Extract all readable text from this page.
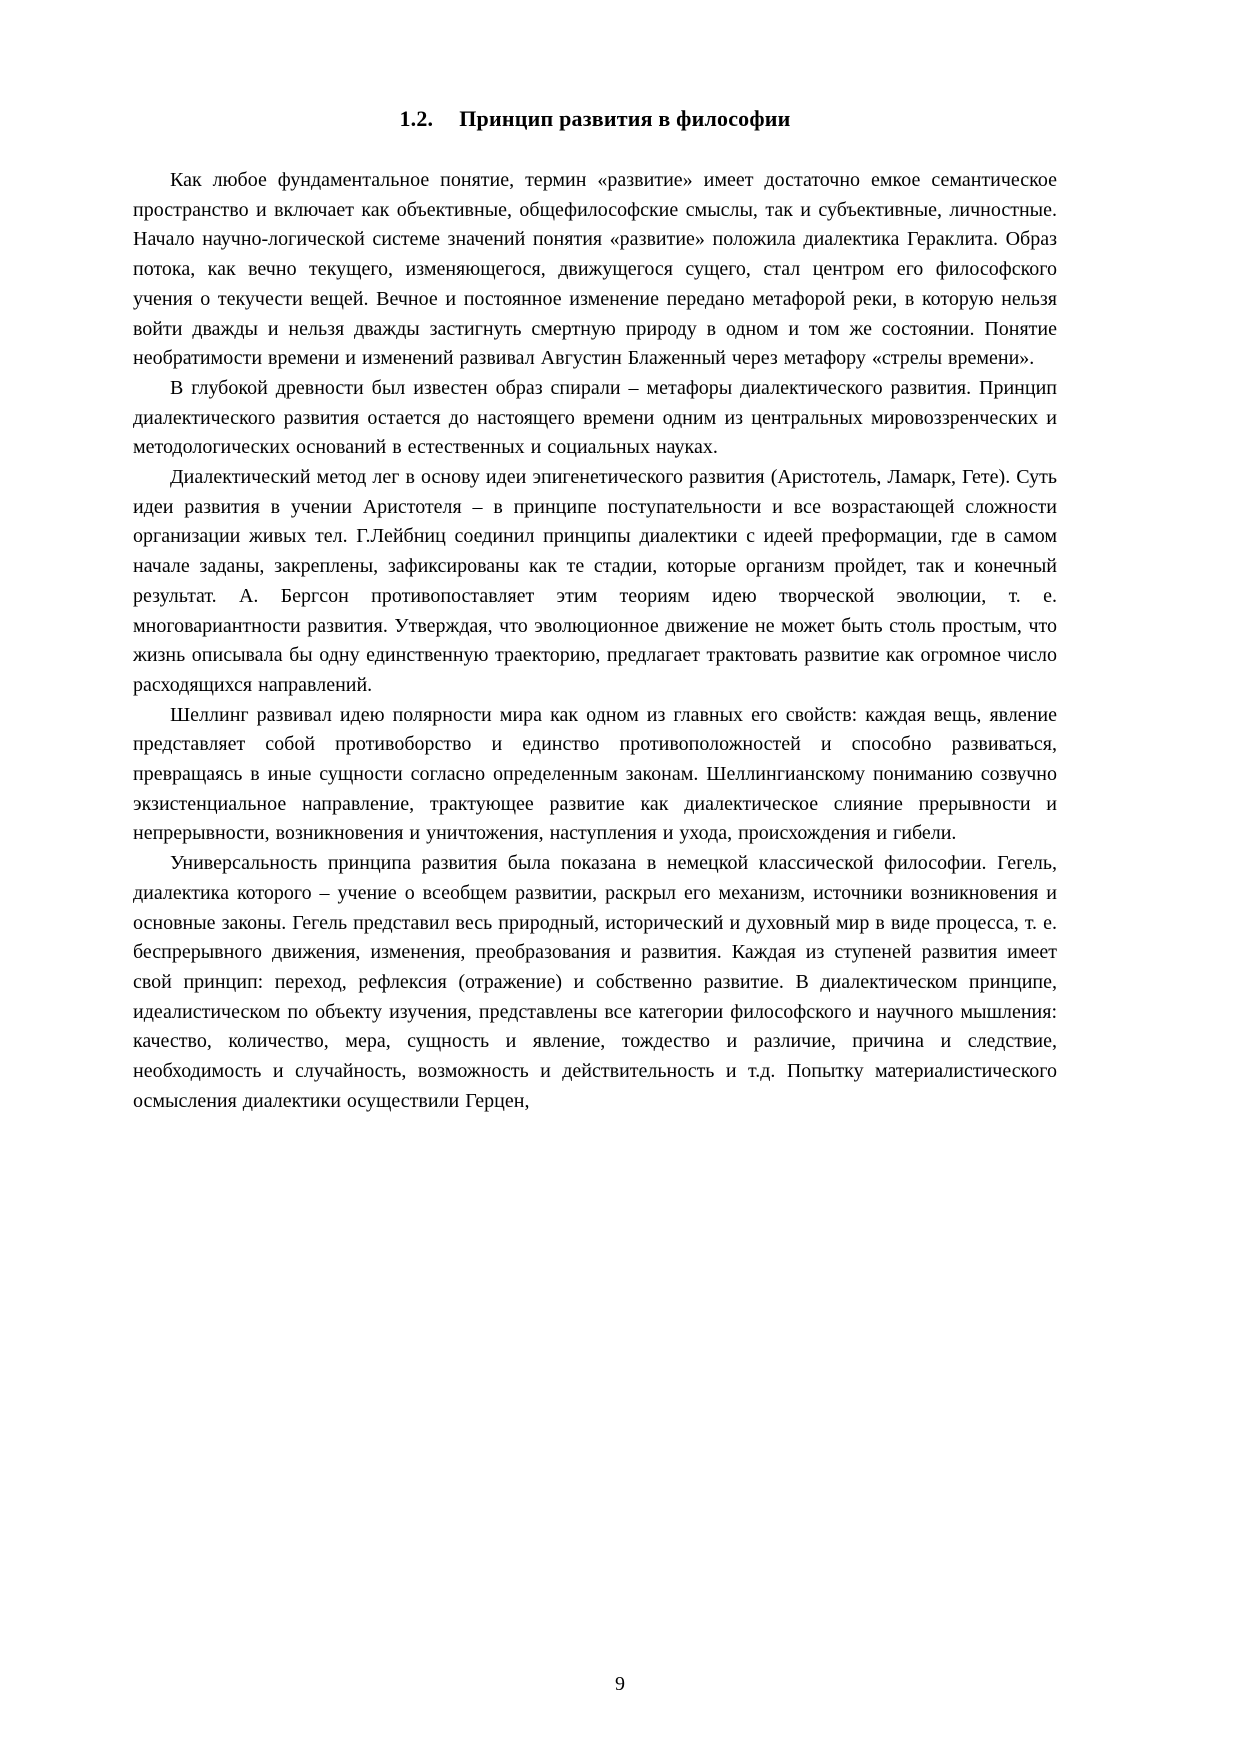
1.2. Принцип развития в философии

Как любое фундаментальное понятие, термин «развитие» имеет достаточно емкое семантическое пространство и включает как объективные, общефилософские смыслы, так и субъективные, личностные. Начало научно-логической системе значений понятия «развитие» положила диалектика Гераклита. Образ потока, как вечно текущего, изменяющегося, движущегося сущего, стал центром его философского учения о текучести вещей. Вечное и постоянное изменение передано метафорой реки, в которую нельзя войти дважды и нельзя дважды застигнуть смертную природу в одном и том же состоянии. Понятие необратимости времени и изменений развивал Августин Блаженный через метафору «стрелы времени».

В глубокой древности был известен образ спирали – метафоры диалектического развития. Принцип диалектического развития остается до настоящего времени одним из центральных мировоззренческих и методологических оснований в естественных и социальных науках.

Диалектический метод лег в основу идеи эпигенетического развития (Аристотель, Ламарк, Гете). Суть идеи развития в учении Аристотеля – в принципе поступательности и все возрастающей сложности организации живых тел. Г.Лейбниц соединил принципы диалектики с идеей преформации, где в самом начале заданы, закреплены, зафиксированы как те стадии, которые организм пройдет, так и конечный результат. А. Бергсон противопоставляет этим теориям идею творческой эволюции, т. е. многовариантности развития. Утверждая, что эволюционное движение не может быть столь простым, что жизнь описывала бы одну единственную траекторию, предлагает трактовать развитие как огромное число расходящихся направлений.

Шеллинг развивал идею полярности мира как одном из главных его свойств: каждая вещь, явление представляет собой противоборство и единство противоположностей и способно развиваться, превращаясь в иные сущности согласно определенным законам. Шеллингианскому пониманию созвучно экзистенциальное направление, трактующее развитие как диалектическое слияние прерывности и непрерывности, возникновения и уничтожения, наступления и ухода, происхождения и гибели.

Универсальность принципа развития была показана в немецкой классической философии. Гегель, диалектика которого – учение о всеобщем развитии, раскрыл его механизм, источники возникновения и основные законы. Гегель представил весь природный, исторический и духовный мир в виде процесса, т. е. беспрерывного движения, изменения, преобразования и развития. Каждая из ступеней развития имеет свой принцип: переход, рефлексия (отражение) и собственно развитие. В диалектическом принципе, идеалистическом по объекту изучения, представлены все категории философского и научного мышления: качество, количество, мера, сущность и явление, тождество и различие, причина и следствие, необходимость и случайность, возможность и действительность и т.д. Попытку материалистического осмысления диалектики осуществили Герцен,

9
